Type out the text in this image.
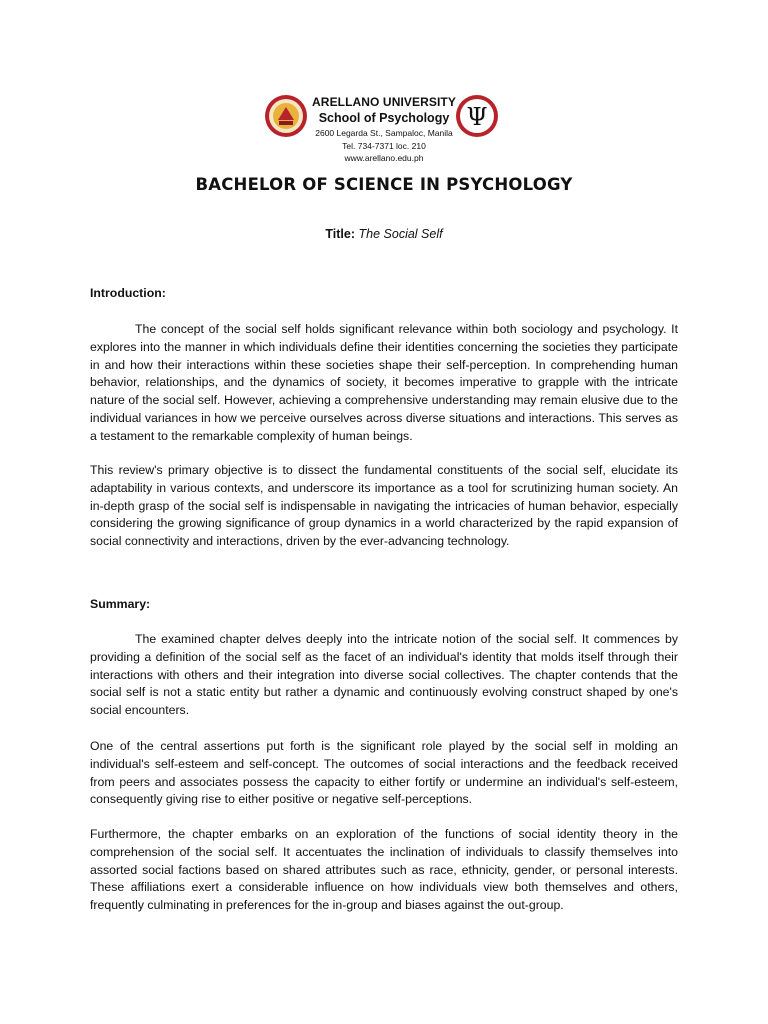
Ψ
ARELLANO UNIVERSITY
School of Psychology
2600 Legarda St., Sampaloc, Manila
Tel. 734-7371 loc. 210
www.arellano.edu.ph
BACHELOR OF SCIENCE IN PSYCHOLOGY
Title: The Social Self
Introduction:
The concept of the social self holds significant relevance within both sociology and psychology. It explores into the manner in which individuals define their identities concerning the societies they participate in and how their interactions within these societies shape their self-perception. In comprehending human behavior, relationships, and the dynamics of society, it becomes imperative to grapple with the intricate nature of the social self. However, achieving a comprehensive understanding may remain elusive due to the individual variances in how we perceive ourselves across diverse situations and interactions. This serves as a testament to the remarkable complexity of human beings.
This review's primary objective is to dissect the fundamental constituents of the social self, elucidate its adaptability in various contexts, and underscore its importance as a tool for scrutinizing human society. An in-depth grasp of the social self is indispensable in navigating the intricacies of human behavior, especially considering the growing significance of group dynamics in a world characterized by the rapid expansion of social connectivity and interactions, driven by the ever-advancing technology.
Summary:
The examined chapter delves deeply into the intricate notion of the social self. It commences by providing a definition of the social self as the facet of an individual's identity that molds itself through their interactions with others and their integration into diverse social collectives. The chapter contends that the social self is not a static entity but rather a dynamic and continuously evolving construct shaped by one's social encounters.
One of the central assertions put forth is the significant role played by the social self in molding an individual's self-esteem and self-concept. The outcomes of social interactions and the feedback received from peers and associates possess the capacity to either fortify or undermine an individual's self-esteem, consequently giving rise to either positive or negative self-perceptions.
Furthermore, the chapter embarks on an exploration of the functions of social identity theory in the comprehension of the social self. It accentuates the inclination of individuals to classify themselves into assorted social factions based on shared attributes such as race, ethnicity, gender, or personal interests. These affiliations exert a considerable influence on how individuals view both themselves and others, frequently culminating in preferences for the in-group and biases against the out-group.
